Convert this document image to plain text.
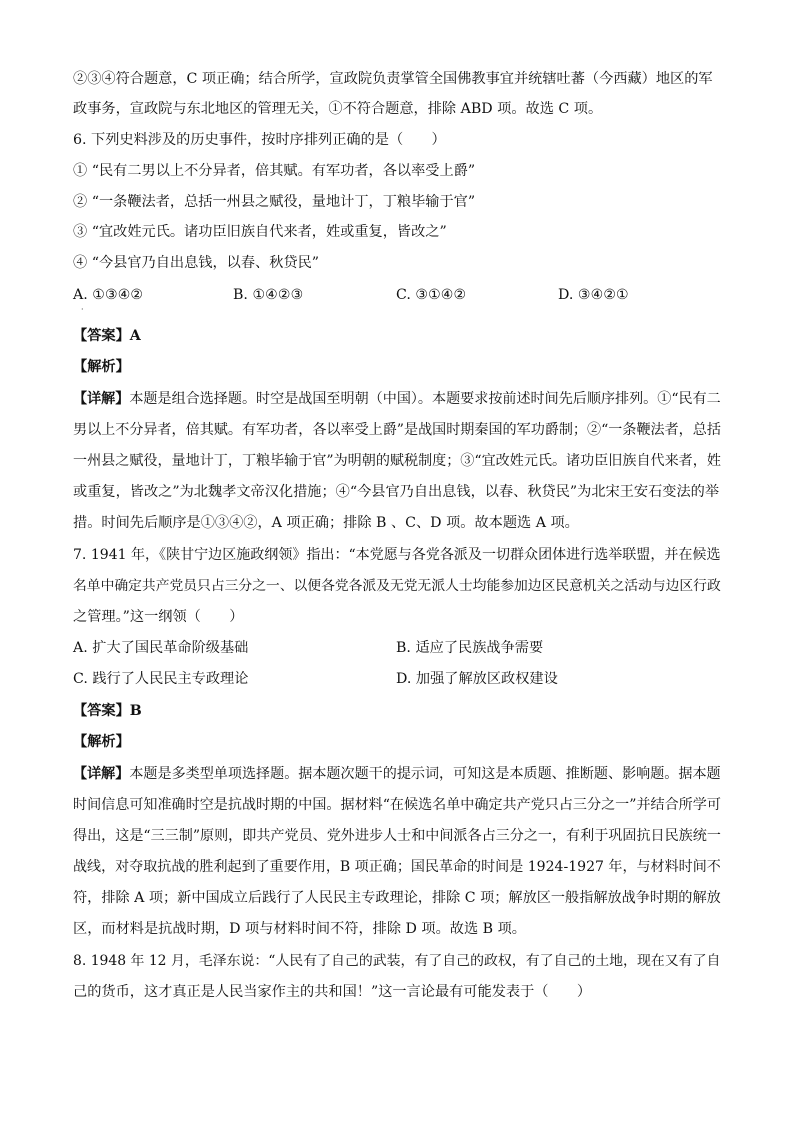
②③④符合题意，C 项正确；结合所学，宣政院负责掌管全国佛教事宜并统辖吐蕃（今西藏）地区的军
政事务，宣政院与东北地区的管理无关，①不符合题意，排除 ABD 项。故选 C 项。
6. 下列史料涉及的历史事件，按时序排列正确的是（　　）
① “民有二男以上不分异者，倍其赋。有军功者，各以率受上爵”
② “一条鞭法者，总括一州县之赋役，量地计丁，丁粮毕输于官”
③ “宜改姓元氏。诸功臣旧族自代来者，姓或重复，皆改之”
④ “今县官乃自出息钱，以春、秋贷民”
A. ①③④②	B. ①④②③	C. ③①④②	D. ③④②①
·
【答案】A
【解析】
【详解】本题是组合选择题。时空是战国至明朝（中国）。本题要求按前述时间先后顺序排列。①“民有二
男以上不分异者，倍其赋。有军功者，各以率受上爵”是战国时期秦国的军功爵制；②“一条鞭法者，总括
一州县之赋役，量地计丁，丁粮毕输于官”为明朝的赋税制度；③“宜改姓元氏。诸功臣旧族自代来者，姓
或重复，皆改之”为北魏孝文帝汉化措施；④“今县官乃自出息钱，以春、秋贷民”为北宋王安石变法的举
措。时间先后顺序是①③④②，A 项正确；排除 B 、C、D 项。故本题选 A 项。
7. 1941 年，《陕甘宁边区施政纲领》指出：“本党愿与各党各派及一切群众团体进行选举联盟，并在候选
名单中确定共产党员只占三分之一、以便各党各派及无党无派人士均能参加边区民意机关之活动与边区行政
之管理。”这一纲领（　　）
A. 扩大了国民革命阶级基础	B. 适应了民族战争需要
C. 践行了人民民主专政理论	D. 加强了解放区政权建设
【答案】B
【解析】
【详解】本题是多类型单项选择题。据本题次题干的提示词，可知这是本质题、推断题、影响题。据本题
时间信息可知准确时空是抗战时期的中国。据材料“在候选名单中确定共产党只占三分之一”并结合所学可
得出，这是“三三制”原则，即共产党员、党外进步人士和中间派各占三分之一，有利于巩固抗日民族统一
战线，对夺取抗战的胜利起到了重要作用，B 项正确；国民革命的时间是 1924-1927 年，与材料时间不
符，排除 A 项；新中国成立后践行了人民民主专政理论，排除 C 项；解放区一般指解放战争时期的解放
区，而材料是抗战时期，D 项与材料时间不符，排除 D 项。故选 B 项。
8. 1948 年 12 月，毛泽东说：“人民有了自己的武装，有了自己的政权，有了自己的土地，现在又有了自
己的货币，这才真正是人民当家作主的共和国！”这一言论最有可能发表于（　　）
